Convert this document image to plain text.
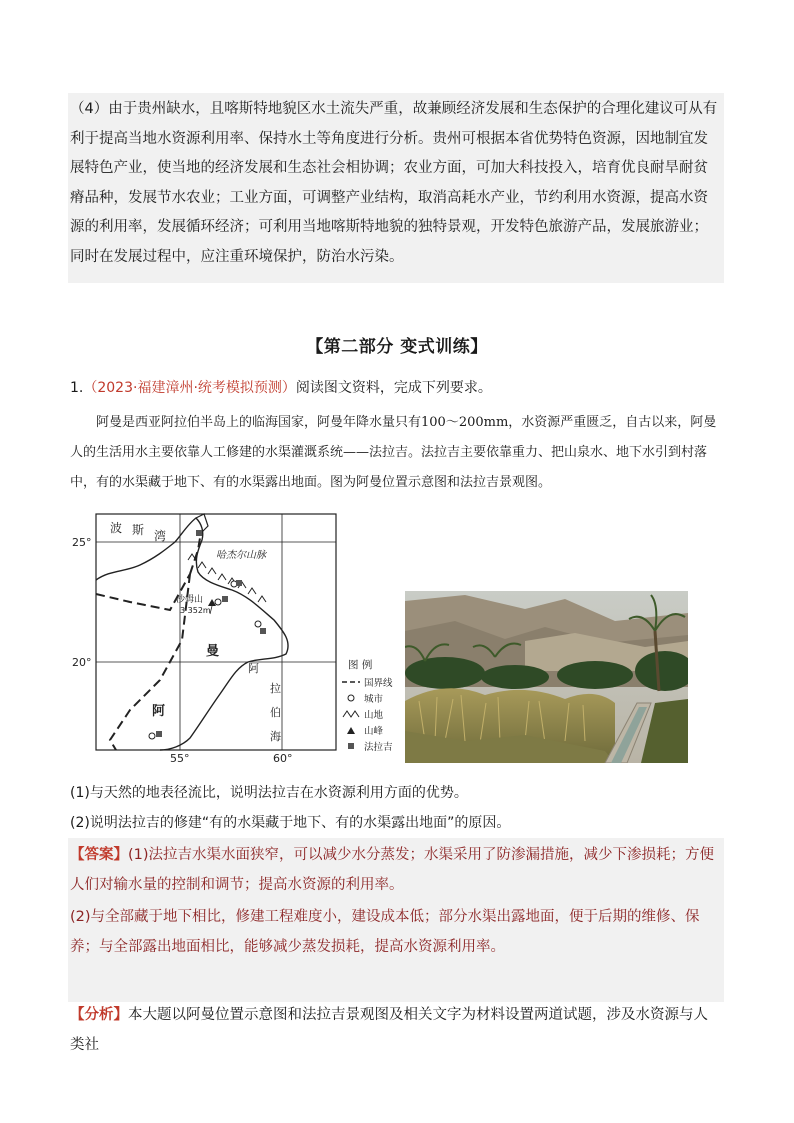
（4）由于贵州缺水，且喀斯特地貌区水土流失严重，故兼顾经济发展和生态保护的合理化建议可从有利于提高当地水资源利用率、保持水土等角度进行分析。贵州可根据本省优势特色资源，因地制宜发展特色产业，使当地的经济发展和生态社会相协调；农业方面，可加大科技投入，培育优良耐旱耐贫瘠品种，发展节水农业；工业方面，可调整产业结构，取消高耗水产业，节约利用水资源，提高水资源的利用率，发展循环经济；可利用当地喀斯特地貌的独特景观，开发特色旅游产品，发展旅游业；同时在发展过程中，应注重环境保护，防治水污染。
【第二部分 变式训练】
1.（2023·福建漳州·统考模拟预测）阅读图文资料，完成下列要求。
阿曼是西亚阿拉伯半岛上的临海国家，阿曼年降水量只有100～200mm，水资源严重匮乏，自古以来，阿曼人的生活用水主要依靠人工修建的水渠灌溉系统——法拉吉。法拉吉主要依靠重力、把山泉水、地下水引到村落中，有的水渠藏于地下、有的水渠露出地面。图为阿曼位置示意图和法拉吉景观图。
25°
20°
55°	60°
波 斯 湾
哈杰尔山脉
沙姆山
3 352m
曼
阿
阿
拉
伯
海
图 例
国界线
城市
山地
山峰
法拉吉
(1)与天然的地表径流比，说明法拉吉在水资源利用方面的优势。
(2)说明法拉吉的修建“有的水渠藏于地下、有的水渠露出地面”的原因。
【答案】(1)法拉吉水渠水面狭窄，可以减少水分蒸发；水渠采用了防渗漏措施，减少下渗损耗；方便人们对输水量的控制和调节；提高水资源的利用率。
(2)与全部藏于地下相比，修建工程难度小，建设成本低；部分水渠出露地面，便于后期的维修、保养；与全部露出地面相比，能够减少蒸发损耗，提高水资源利用率。
【分析】本大题以阿曼位置示意图和法拉吉景观图及相关文字为材料设置两道试题，涉及水资源与人类社
